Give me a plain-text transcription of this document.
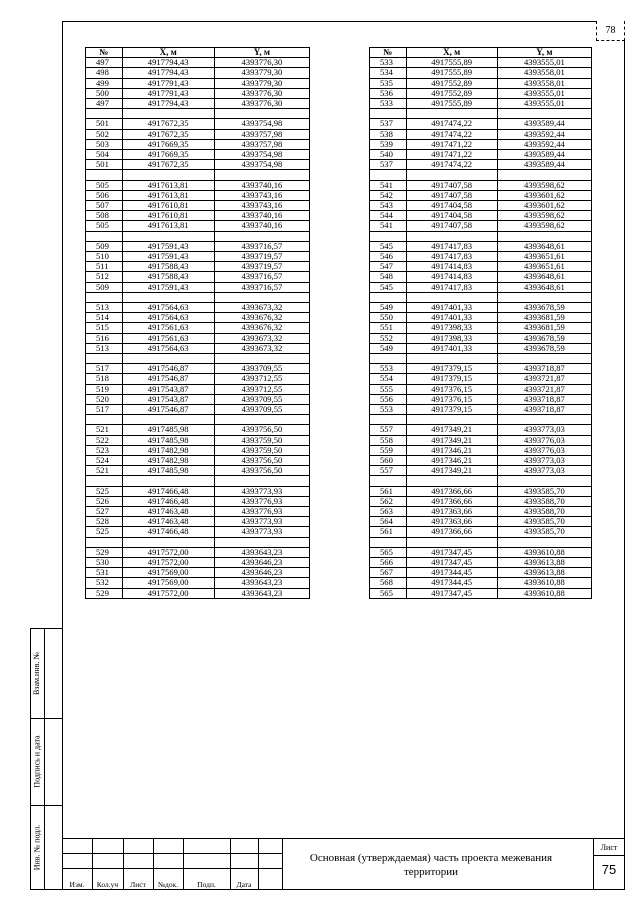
78
№	X, м	Y, м
497	4917794,43	4393776,30
498	4917794,43	4393779,30
499	4917791,43	4393779,30
500	4917791,43	4393776,30
497	4917794,43	4393776,30

501	4917672,35	4393754,98
502	4917672,35	4393757,98
503	4917669,35	4393757,98
504	4917669,35	4393754,98
501	4917672,35	4393754,98

505	4917613,81	4393740,16
506	4917613,81	4393743,16
507	4917610,81	4393743,16
508	4917610,81	4393740,16
505	4917613,81	4393740,16

509	4917591,43	4393716,57
510	4917591,43	4393719,57
511	4917588,43	4393719,57
512	4917588,43	4393716,57
509	4917591,43	4393716,57

513	4917564,63	4393673,32
514	4917564,63	4393676,32
515	4917561,63	4393676,32
516	4917561,63	4393673,32
513	4917564,63	4393673,32

517	4917546,87	4393709,55
518	4917546,87	4393712,55
519	4917543,87	4393712,55
520	4917543,87	4393709,55
517	4917546,87	4393709,55

521	4917485,98	4393756,50
522	4917485,98	4393759,50
523	4917482,98	4393759,50
524	4917482,98	4393756,50
521	4917485,98	4393756,50

525	4917466,48	4393773,93
526	4917466,48	4393776,93
527	4917463,48	4393776,93
528	4917463,48	4393773,93
525	4917466,48	4393773,93

529	4917572,00	4393643,23
530	4917572,00	4393646,23
531	4917569,00	4393646,23
532	4917569,00	4393643,23
529	4917572,00	4393643,23
№	X, м	Y, м
533	4917555,89	4393555,01
534	4917555,89	4393558,01
535	4917552,89	4393558,01
536	4917552,89	4393555,01
533	4917555,89	4393555,01

537	4917474,22	4393589,44
538	4917474,22	4393592,44
539	4917471,22	4393592,44
540	4917471,22	4393589,44
537	4917474,22	4393589,44

541	4917407,58	4393598,62
542	4917407,58	4393601,62
543	4917404,58	4393601,62
544	4917404,58	4393598,62
541	4917407,58	4393598,62

545	4917417,83	4393648,61
546	4917417,83	4393651,61
547	4917414,83	4393651,61
548	4917414,83	4393648,61
545	4917417,83	4393648,61

549	4917401,33	4393678,59
550	4917401,33	4393681,59
551	4917398,33	4393681,59
552	4917398,33	4393678,59
549	4917401,33	4393678,59

553	4917379,15	4393718,87
554	4917379,15	4393721,87
555	4917376,15	4393721,87
556	4917376,15	4393718,87
553	4917379,15	4393718,87

557	4917349,21	4393773,03
558	4917349,21	4393776,03
559	4917346,21	4393776,03
560	4917346,21	4393773,03
557	4917349,21	4393773,03

561	4917366,66	4393585,70
562	4917366,66	4393588,70
563	4917363,66	4393588,70
564	4917363,66	4393585,70
561	4917366,66	4393585,70

565	4917347,45	4393610,88
566	4917347,45	4393613,88
567	4917344,45	4393613,88
568	4917344,45	4393610,88
565	4917347,45	4393610,88
Взам.инв. №
Подпись и дата
Инв. № подл.
Изм.	Кол.уч	Лист	№док.	Подп.	Дата
Основная (утверждаемая) часть проекта межевания территории
Лист
75
